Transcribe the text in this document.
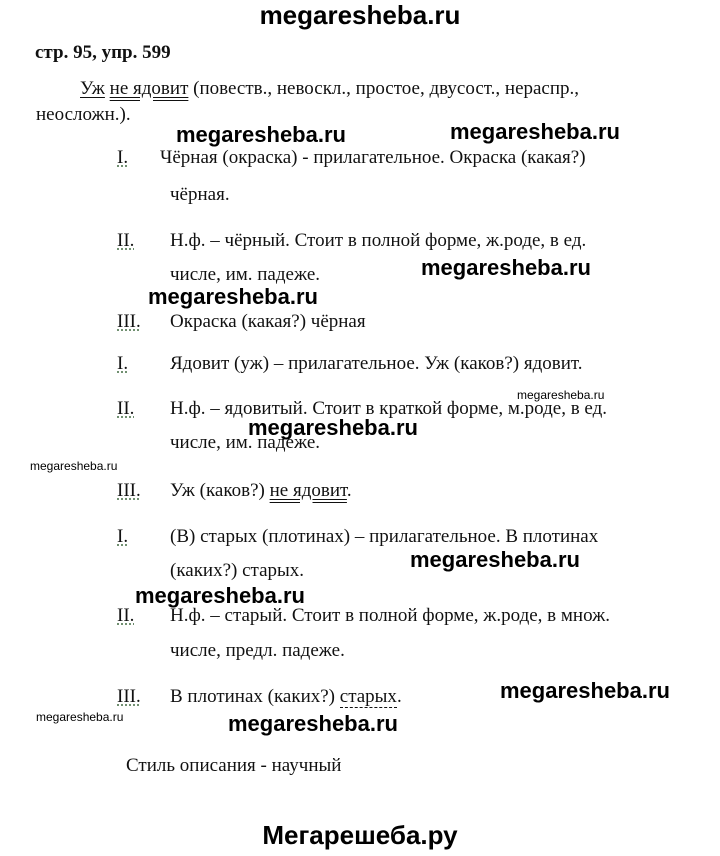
megaresheba.ru
стр. 95, упр. 599
Уж не ядовит (повеств., невоскл., простое, двусост., нераспр.,
неосложн.).
I. Чёрная (окраска) - прилагательное. Окраска (какая?)
чёрная.
II. Н.ф. – чёрный. Стоит в полной форме, ж.роде, в ед.
числе, им. падеже.
III. Окраска (какая?) чёрная
I. Ядовит (уж) – прилагательное. Уж (каков?) ядовит.
II. Н.ф. – ядовитый. Стоит в краткой форме, м.роде, в ед.
числе, им. падеже.
III. Уж (каков?) не ядовит.
I. (В) старых (плотинах) – прилагательное. В плотинах
(каких?) старых.
II. Н.ф. – старый. Стоит в полной форме, ж.роде, в множ.
числе, предл. падеже.
III. В плотинах (каких?) старых.
Стиль описания - научный
Мегарешеба.ру
megaresheba.ru	megaresheba.ru
megaresheba.ru
megaresheba.ru
megaresheba.ru
megaresheba.ru
megaresheba.ru
megaresheba.ru
megaresheba.ru
megaresheba.ru
megaresheba.ru	megaresheba.ru
